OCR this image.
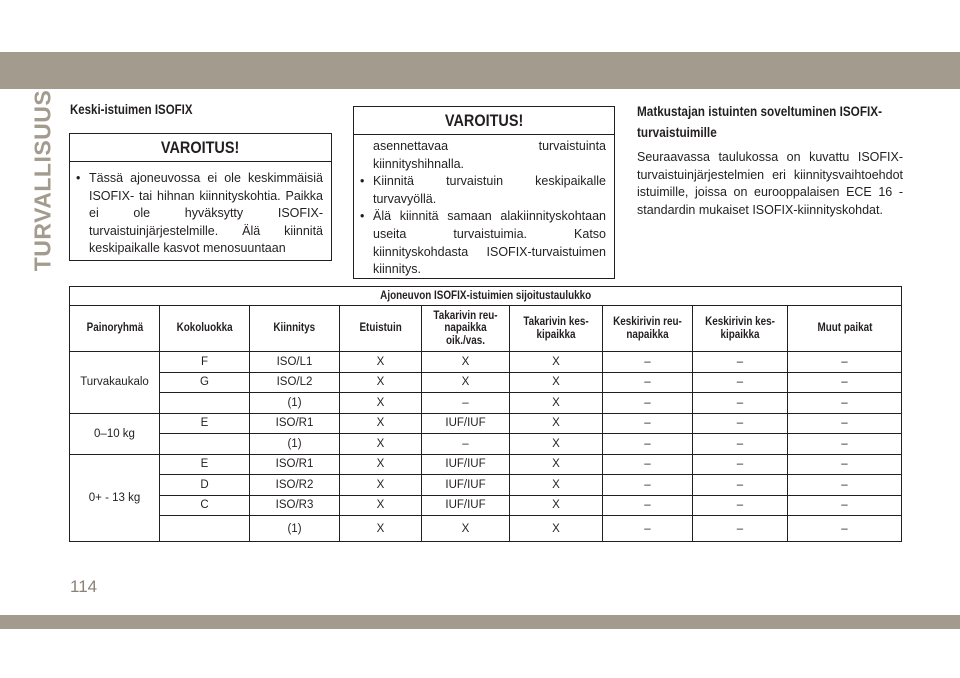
TURVALLISUUS Keski-istuimen ISOFIX
VAROITUS!
• Tässä ajoneuvossa ei ole keskimmäisiä ISOFIX- tai hihnan kiinnityskohtia. Paikka ei ole hyväksytty ISOFIX-turvaistuinjärjestelmille. Älä kiinnitä keskipaikalle kasvot menosuuntaan
VAROITUS!
asennettavaa turvaistuinta kiinnityshihnalla.
• Kiinnitä turvaistuin keskipaikalle turvavyöllä.
• Älä kiinnitä samaan alakiinnityskohtaan useita turvaistuimia. Katso kiinnityskohdasta ISOFIX-turvaistuimen kiinnitys.
Matkustajan istuinten soveltuminen ISOFIX-
turvaistuimille
Seuraavassa taulukossa on kuvattu ISOFIX-turvaistuinjärjestelmien eri kiinnitysvaihtoehdot istuimille, joissa on eurooppalaisen ECE 16 -standardin mukaiset ISOFIX-kiinnityskohdat.
Ajoneuvon ISOFIX-istuimien sijoitustaulukko								
Painoryhmä	Kokoluokka	Kiinnitys	Etuistuin	Takarivin reu-napaikka oik./vas.	Takarivin kes-kipaikka	Keskirivin reu-napaikka	Keskirivin kes-kipaikka	Muut paikat
Turvakaukalo	F	ISO/L1	X	X	X	–	–	–
	G	ISO/L2	X	X	X	–	–	–
		(1)	X	–	X	–	–	–
0–10 kg	E	ISO/R1	X	IUF/IUF	X	–	–	–
		(1)	X	–	X	–	–	–
0+ - 13 kg	E	ISO/R1	X	IUF/IUF	X	–	–	–
	D	ISO/R2	X	IUF/IUF	X	–	–	–
	C	ISO/R3	X	IUF/IUF	X	–	–	–
		(1)	X	X	X	–	–	–
114
